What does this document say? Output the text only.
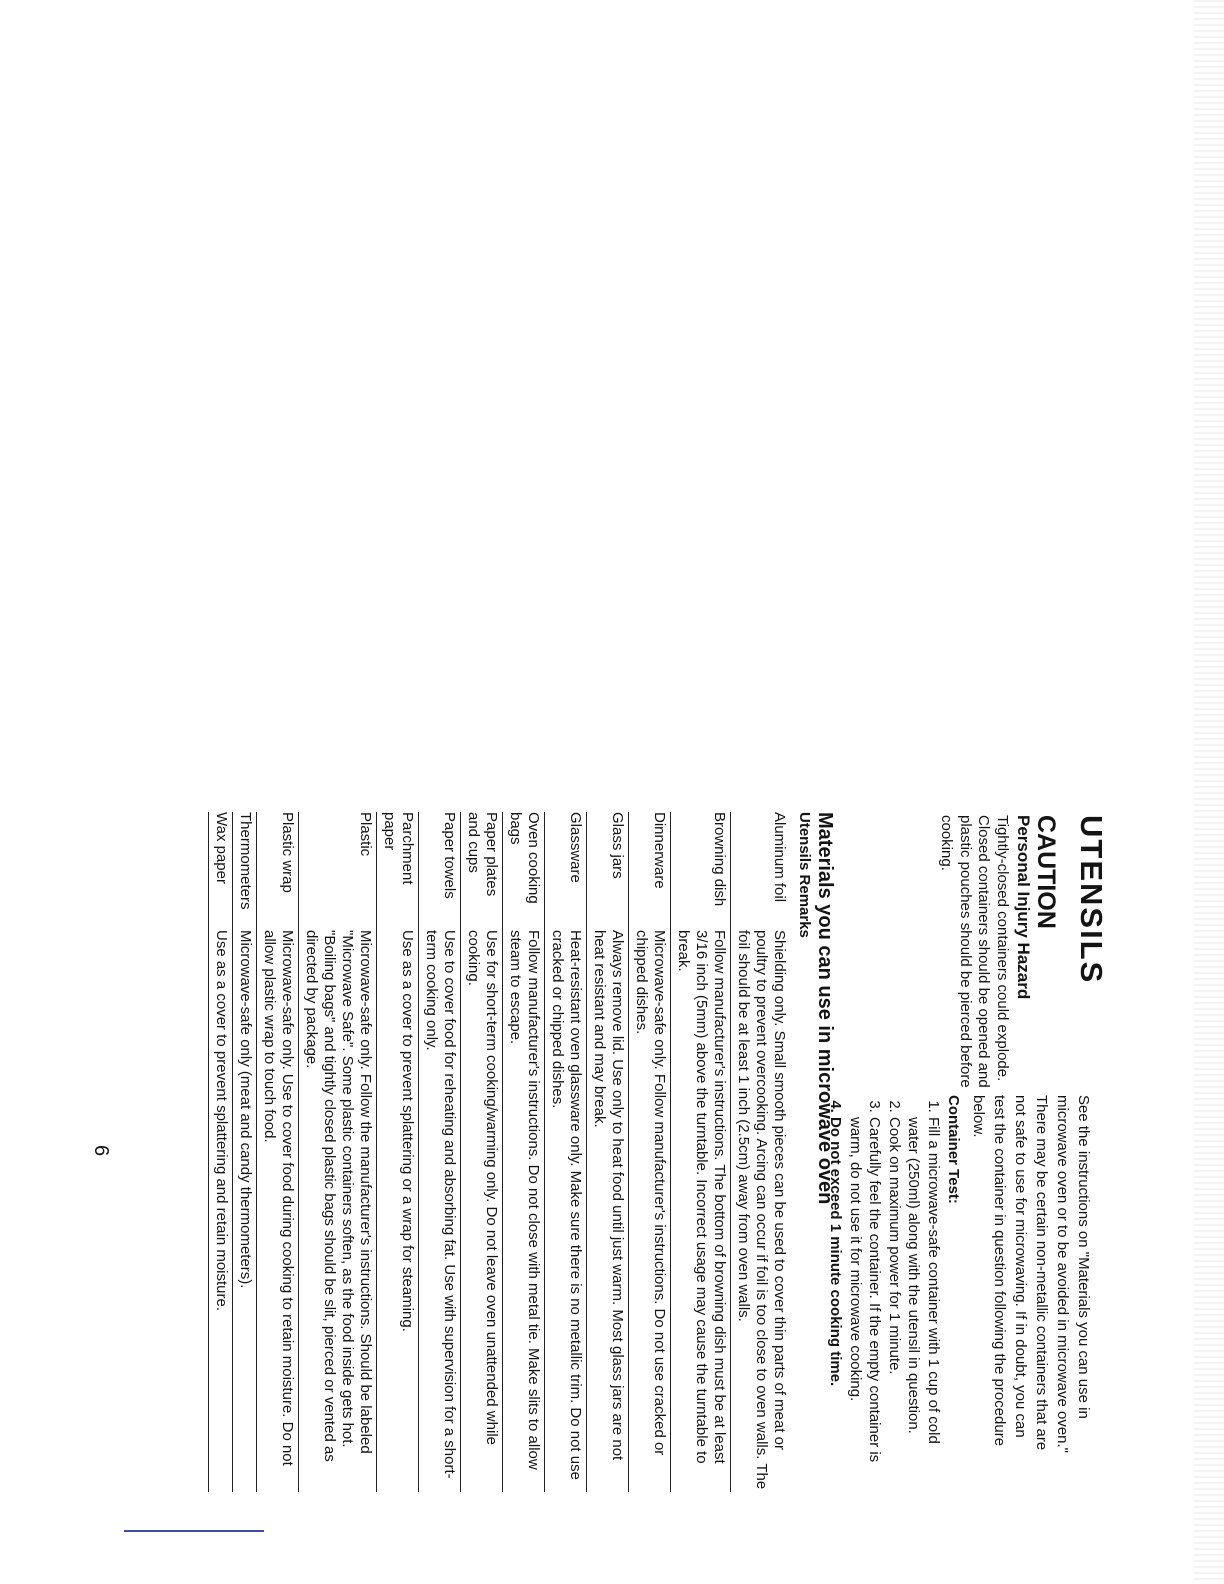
UTENSILS

CAUTION

Personal Injury Hazard

Tightly-closed containers could explode. Closed containers should be opened and plastic pouches should be pierced before cooking.

See the instructions on "Materials you can use in microwave oven or to be avoided in microwave oven."

There may be certain non-metallic containers that are not safe to use for microwaving. If in doubt, you can test the container in question following the procedure below.

Container Test:

1. Fill a microwave-safe container with 1 cup of cold water (250ml) along with the utensil in question.
2. Cook on maximum power for 1 minute.
3. Carefully feel the container. If the empty container is warm, do not use it for microwave cooking.
4. Do not exceed 1 minute cooking time.

Materials you can use in microwave oven

Utensils Remarks

Aluminum foil	Shielding only. Small smooth pieces can be used to cover thin parts of meat or poultry to prevent overcooking. Arcing can occur if foil is too close to oven walls. The foil should be at least 1 inch (2.5cm) away from oven walls.
Browning dish	Follow manufacturer's instructions. The bottom of browning dish must be at least 3/16 inch (5mm) above the turntable. Incorrect usage may cause the turntable to break.
Dinnerware	Microwave-safe only. Follow manufacturer's instructions. Do not use cracked or chipped dishes.
Glass jars	Always remove lid. Use only to heat food until just warm. Most glass jars are not heat resistant and may break.
Glassware	Heat-resistant oven glassware only. Make sure there is no metallic trim. Do not use cracked or chipped dishes.
Oven cooking bags	Follow manufacturer's instructions. Do not close with metal tie. Make slits to allow steam to escape.
Paper plates and cups	Use for short-term cooking/warming only. Do not leave oven unattended while cooking.
Paper towels	Use to cover food for reheating and absorbing fat. Use with supervision for a short-term cooking only.
Parchment paper	Use as a cover to prevent splattering or a wrap for steaming.
Plastic	Microwave-safe only. Follow the manufacturer's instructions. Should be labeled "Microwave Safe". Some plastic containers soften, as the food inside gets hot. "Boiling bags" and tightly closed plastic bags should be slit, pierced or vented as directed by package.
Plastic wrap	Microwave-safe only. Use to cover food during cooking to retain moisture. Do not allow plastic wrap to touch food.
Thermometers	Microwave-safe only (meat and candy thermometers).
Wax paper	Use as a cover to prevent splattering and retain moisture.
6
